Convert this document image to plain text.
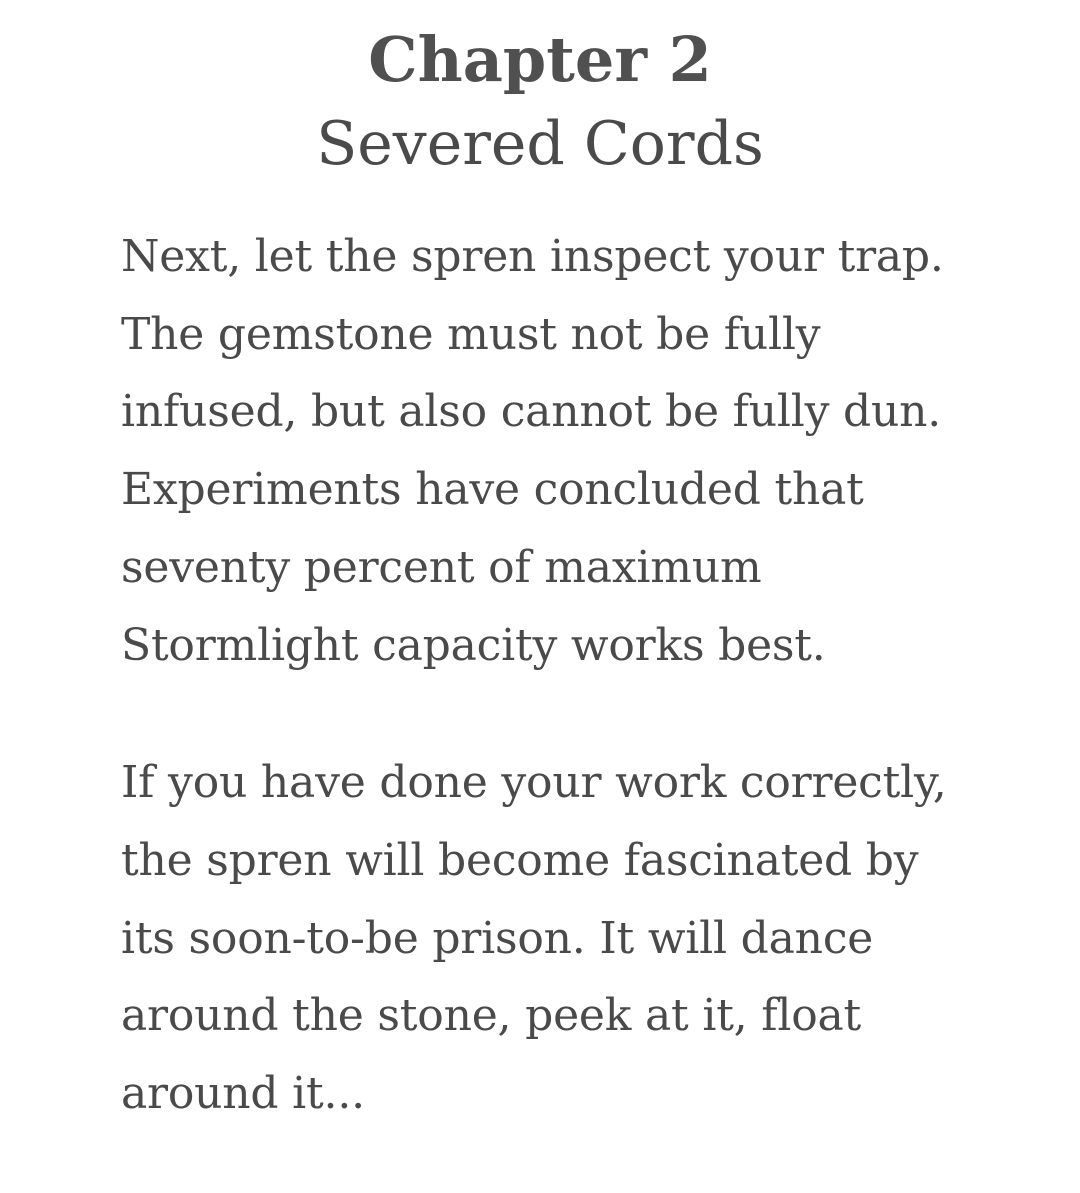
Chapter 2
Severed Cords

Next, let the spren inspect your trap.
The gemstone must not be fully
infused, but also cannot be fully dun.
Experiments have concluded that
seventy percent of maximum
Stormlight capacity works best.

If you have done your work correctly,
the spren will become fascinated by
its soon-to-be prison. It will dance
around the stone, peek at it, float
around it...
